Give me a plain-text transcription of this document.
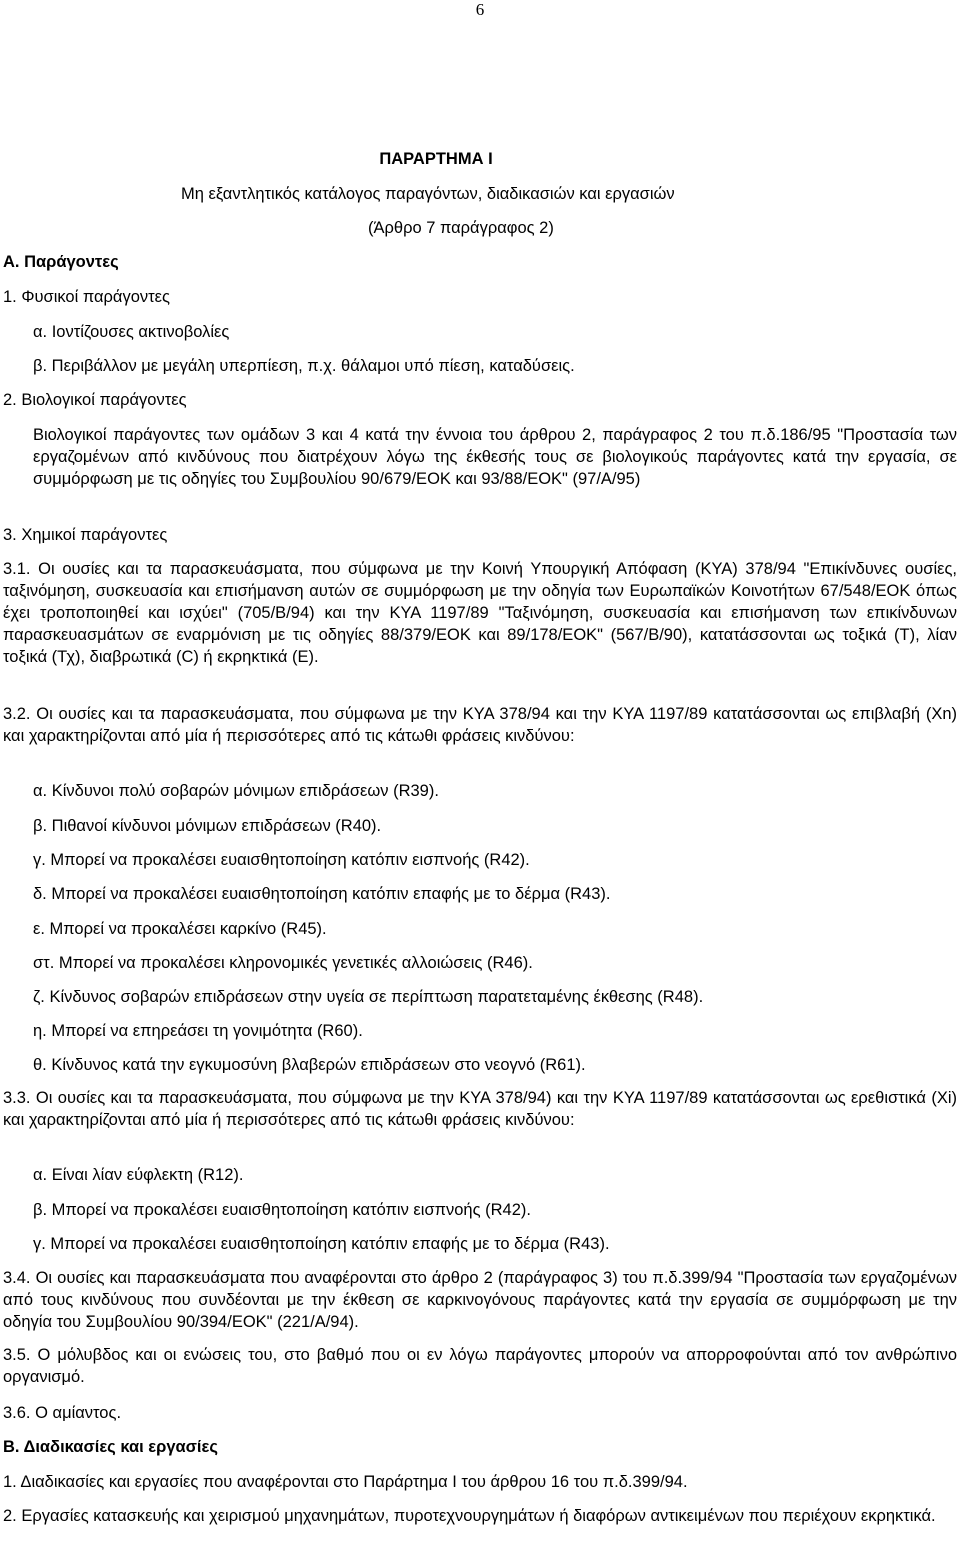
6
ΠΑΡΑΡΤΗΜΑ Ι
Μη εξαντλητικός κατάλογος παραγόντων, διαδικασιών και εργασιών
(Άρθρο 7 παράγραφος 2)
Α. Παράγοντες
1. Φυσικοί παράγοντες
α. Ιοντίζουσες ακτινοβολίες
β. Περιβάλλον με μεγάλη υπερπίεση, π.χ. θάλαμοι υπό πίεση, καταδύσεις.
2. Βιολογικοί παράγοντες
Βιολογικοί παράγοντες των ομάδων 3 και 4 κατά την έννοια του άρθρου 2, παράγραφος 2 του π.δ.186/95 "Προστασία των εργαζομένων από κινδύνους που διατρέχουν λόγω της έκθεσής τους σε βιολογικούς παράγοντες κατά την εργασία, σε συμμόρφωση με τις οδηγίες του Συμβουλίου 90/679/ΕΟΚ και 93/88/ΕΟΚ" (97/Α/95)
3. Χημικοί παράγοντες
3.1. Οι ουσίες και τα παρασκευάσματα, που σύμφωνα με την Κοινή Υπουργική Απόφαση (ΚΥΑ) 378/94 "Επικίνδυνες ουσίες, ταξινόμηση, συσκευασία και επισήμανση αυτών σε συμμόρφωση με την οδηγία των Ευρωπαϊκών Κοινοτήτων 67/548/ΕΟΚ όπως έχει τροποποιηθεί και ισχύει" (705/Β/94) και την ΚΥΑ 1197/89 "Ταξινόμηση, συσκευασία και επισήμανση των επικίνδυνων παρασκευασμάτων σε εναρμόνιση με τις οδηγίες 88/379/ΕΟΚ και 89/178/ΕΟΚ" (567/Β/90), κατατάσσονται ως τοξικά (Τ), λίαν τοξικά (Τχ), διαβρωτικά (C) ή εκρηκτικά (Ε).
3.2. Οι ουσίες και τα παρασκευάσματα, που σύμφωνα με την ΚΥΑ 378/94 και την ΚΥΑ 1197/89 κατατάσσονται ως επιβλαβή (Χn) και χαρακτηρίζονται από μία ή περισσότερες από τις κάτωθι φράσεις κινδύνου:
α. Κίνδυνοι πολύ σοβαρών μόνιμων επιδράσεων (R39).
β. Πιθανοί κίνδυνοι μόνιμων επιδράσεων (R40).
γ. Μπορεί να προκαλέσει ευαισθητοποίηση κατόπιν εισπνοής (R42).
δ. Μπορεί να προκαλέσει ευαισθητοποίηση κατόπιν επαφής με το δέρμα (R43).
ε. Μπορεί να προκαλέσει καρκίνο (R45).
στ. Μπορεί να προκαλέσει κληρονομικές γενετικές αλλοιώσεις (R46).
ζ. Κίνδυνος σοβαρών επιδράσεων στην υγεία σε περίπτωση παρατεταμένης έκθεσης (R48).
η. Μπορεί να επηρεάσει τη γονιμότητα (R60).
θ. Κίνδυνος κατά την εγκυμοσύνη βλαβερών επιδράσεων στο νεογνό (R61).
3.3. Οι ουσίες και τα παρασκευάσματα, που σύμφωνα με την ΚΥΑ 378/94) και την ΚΥΑ 1197/89 κατατάσσονται ως ερεθιστικά (Χi) και χαρακτηρίζονται από μία ή περισσότερες από τις κάτωθι φράσεις κινδύνου:
α. Είναι λίαν εύφλεκτη (R12).
β. Μπορεί να προκαλέσει ευαισθητοποίηση κατόπιν εισπνοής (R42).
γ. Μπορεί να προκαλέσει ευαισθητοποίηση κατόπιν επαφής με το δέρμα (R43).
3.4. Οι ουσίες και παρασκευάσματα που αναφέρονται στο άρθρο 2 (παράγραφος 3) του π.δ.399/94 "Προστασία των εργαζομένων από τους κινδύνους που συνδέονται με την έκθεση σε καρκινογόνους παράγοντες κατά την εργασία σε συμμόρφωση με την οδηγία του Συμβουλίου 90/394/ΕΟΚ" (221/Α/94).
3.5. Ο μόλυβδος και οι ενώσεις του, στο βαθμό που οι εν λόγω παράγοντες μπορούν να απορροφούνται από τον ανθρώπινο οργανισμό.
3.6. Ο αμίαντος.
Β. Διαδικασίες και εργασίες
1. Διαδικασίες και εργασίες που αναφέρονται στο Παράρτημα Ι του άρθρου 16 του π.δ.399/94.
2. Εργασίες κατασκευής και χειρισμού μηχανημάτων, πυροτεχνουργημάτων ή διαφόρων αντικειμένων που περιέχουν εκρηκτικά.
